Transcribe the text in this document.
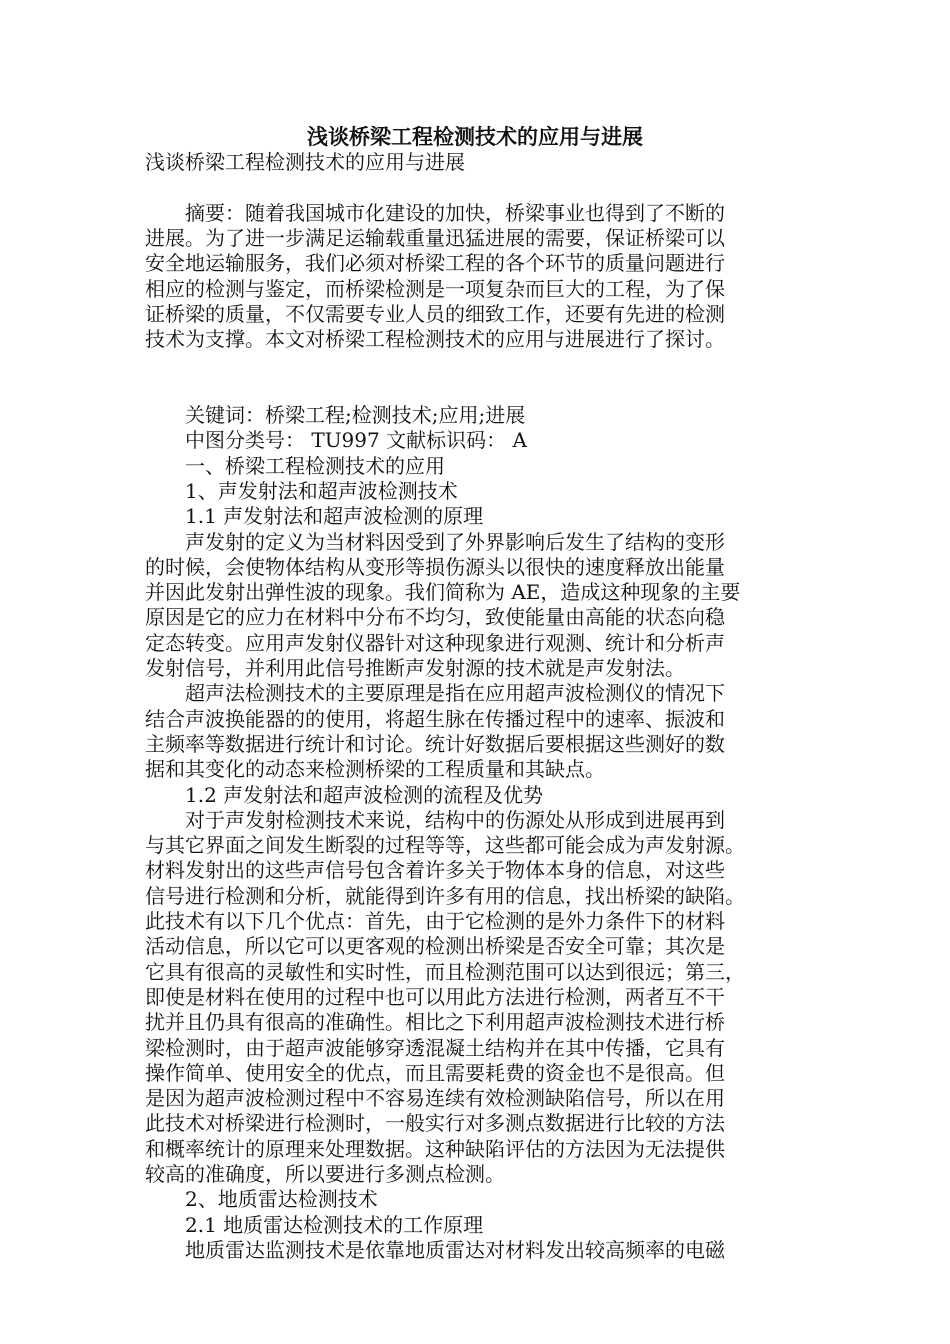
浅谈桥梁工程检测技术的应用与进展
浅谈桥梁工程检测技术的应用与进展
　　摘要：随着我国城市化建设的加快，桥梁事业也得到了不断的
进展。为了进一步满足运输载重量迅猛进展的需要，保证桥梁可以
安全地运输服务，我们必须对桥梁工程的各个环节的质量问题进行
相应的检测与鉴定，而桥梁检测是一项复杂而巨大的工程，为了保
证桥梁的质量，不仅需要专业人员的细致工作，还要有先进的检测
技术为支撑。本文对桥梁工程检测技术的应用与进展进行了探讨。
　　关键词：桥梁工程;检测技术;应用;进展
　　中图分类号： TU997 文献标识码： A
　　一、桥梁工程检测技术的应用
　　1、声发射法和超声波检测技术
　　1.1 声发射法和超声波检测的原理
　　声发射的定义为当材料因受到了外界影响后发生了结构的变形
的时候，会使物体结构从变形等损伤源头以很快的速度释放出能量
并因此发射出弹性波的现象。我们简称为 AE，造成这种现象的主要
原因是它的应力在材料中分布不均匀，致使能量由高能的状态向稳
定态转变。应用声发射仪器针对这种现象进行观测、统计和分析声
发射信号，并利用此信号推断声发射源的技术就是声发射法。
　　超声法检测技术的主要原理是指在应用超声波检测仪的情况下
结合声波换能器的的使用，将超生脉在传播过程中的速率、振波和
主频率等数据进行统计和讨论。统计好数据后要根据这些测好的数
据和其变化的动态来检测桥梁的工程质量和其缺点。
　　1.2 声发射法和超声波检测的流程及优势
　　对于声发射检测技术来说，结构中的伤源处从形成到进展再到
与其它界面之间发生断裂的过程等等，这些都可能会成为声发射源。
材料发射出的这些声信号包含着许多关于物体本身的信息，对这些
信号进行检测和分析，就能得到许多有用的信息，找出桥梁的缺陷。
此技术有以下几个优点：首先，由于它检测的是外力条件下的材料
活动信息，所以它可以更客观的检测出桥梁是否安全可靠；其次是
它具有很高的灵敏性和实时性，而且检测范围可以达到很远；第三，
即使是材料在使用的过程中也可以用此方法进行检测，两者互不干
扰并且仍具有很高的准确性。相比之下利用超声波检测技术进行桥
梁检测时，由于超声波能够穿透混凝土结构并在其中传播，它具有
操作简单、使用安全的优点，而且需要耗费的资金也不是很高。但
是因为超声波检测过程中不容易连续有效检测缺陷信号，所以在用
此技术对桥梁进行检测时，一般实行对多测点数据进行比较的方法
和概率统计的原理来处理数据。这种缺陷评估的方法因为无法提供
较高的准确度，所以要进行多测点检测。
　　2、地质雷达检测技术
　　2.1 地质雷达检测技术的工作原理
　　地质雷达监测技术是依靠地质雷达对材料发出较高频率的电磁
